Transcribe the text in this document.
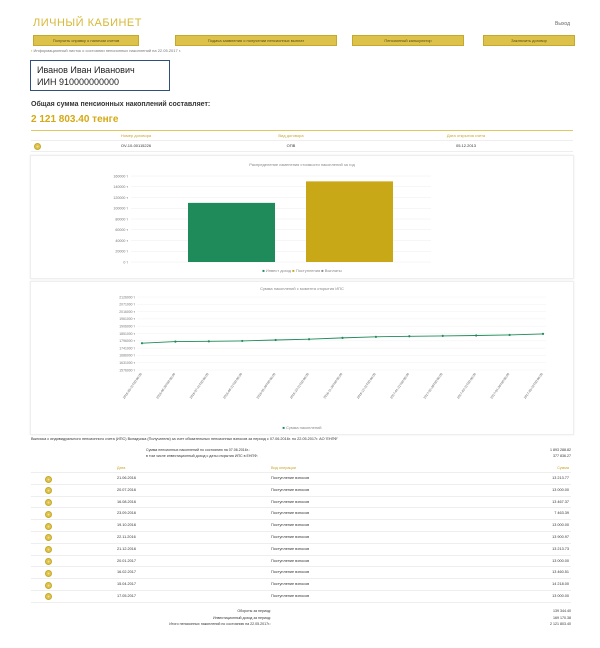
ЛИЧНЫЙ КАБИНЕТ	Выход
Получить справку о наличии счетов	Подача заявления о получении пенсионных выплат	Пенсионный калькулятор	Заключить договор
▪ Информационный листок о состоянии пенсионных накоплений на 22.05.2017 г.
Иванов Иван Иванович
ИИН 910000000000
Общая сумма пенсионных накоплений составляет:
2 121 803.40 тенге
Номер договора	Вид договора	Дата открытия счета
+	OV-10-00115226	ОПВ	05.12.2013
Распределение изменения стоимости накоплений за год
160000 т
140000 т
120000 т
100000 т
80000 т
60000 т
40000 т
20000 т
0 т
■ Инвест доход ■ Поступления ■ Выплаты
Сумма накоплений с момента открытия ИПС
2126000 т
2071000 т
2016000 т
1961000 т
1906000 т
1851000 т
1796000 т
1741000 т
1686000 т
1631000 т
1576000 т
2016-05-31T00:00:00	2016-06-30T00:00:00	2016-07-31T00:00:00	2016-08-31T00:00:00	2016-09-30T00:00:00	2016-10-31T00:00:00	2016-11-30T00:00:00	2016-12-31T00:00:00	2017-01-31T00:00:00	2017-02-28T00:00:00	2017-03-31T00:00:00	2017-04-30T00:00:00	2017-05-22T00:00:00
■ Сумма накоплений
Выписка с индивидуального пенсионного счета (ИПС) Вкладчика (Получателя) за счет обязательных пенсионных взносов за период с 07.06.2016г. по 22.05.2017г. АО 'ЕНПФ'
Сумма пенсионных накоплений по состоянию на 07.06.2016г.:	1 893 288.82
в том числе инвестиционный доход с даты открытия ИПС в ЕНПФ:	377 836.27
Дата	Вид операции	Сумма
+	21.06.2016	Поступление взносов	13 213.77
+	20.07.2016	Поступление взносов	13 000.00
+	16.08.2016	Поступление взносов	13 467.37
+	23.09.2016	Поступление взносов	7 463.39
+	19.10.2016	Поступление взносов	13 000.00
+	22.11.2016	Поступление взносов	13 900.97
+	21.12.2016	Поступление взносов	13 213.73
+	20.01.2017	Поступление взносов	13 000.00
+	16.02.2017	Поступление взносов	13 460.51
+	15.04.2017	Поступление взносов	14 218.00
+	17.05.2017	Поступление взносов	13 000.00
Обороты за период:	139 344.40
Инвестиционный доход за период:	169 170.38
Итого пенсионных накоплений по состоянию на 22.05.2017г.:	2 121 803.40
